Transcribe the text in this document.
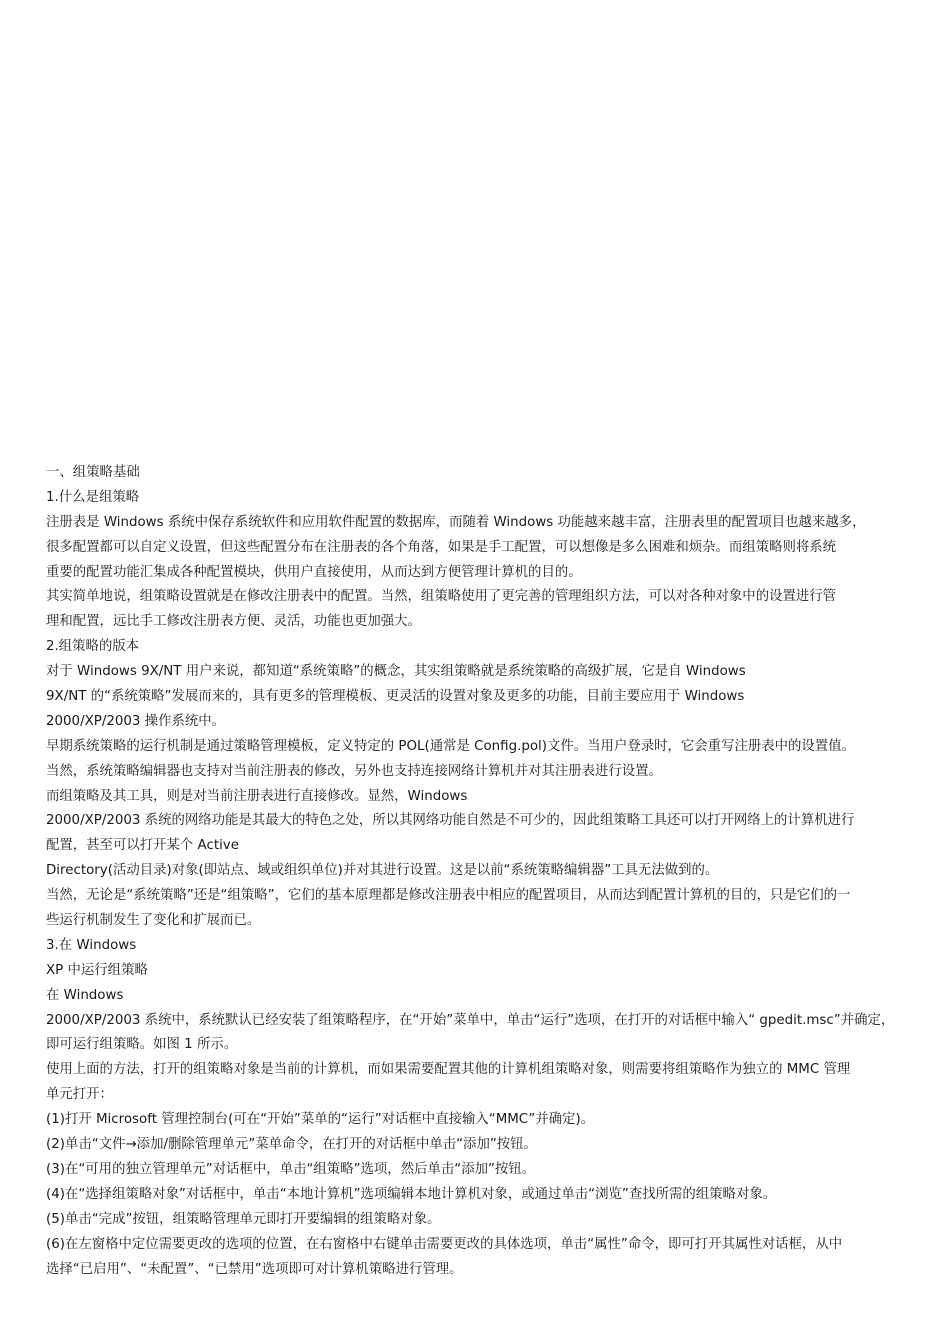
一、组策略基础
1.什么是组策略
注册表是 Windows 系统中保存系统软件和应用软件配置的数据库，而随着 Windows 功能越来越丰富，注册表里的配置项目也越来越多，
很多配置都可以自定义设置，但这些配置分布在注册表的各个角落，如果是手工配置，可以想像是多么困难和烦杂。而组策略则将系统
重要的配置功能汇集成各种配置模块，供用户直接使用，从而达到方便管理计算机的目的。
其实简单地说，组策略设置就是在修改注册表中的配置。当然，组策略使用了更完善的管理组织方法，可以对各种对象中的设置进行管
理和配置，远比手工修改注册表方便、灵活，功能也更加强大。
2.组策略的版本
对于 Windows 9X/NT 用户来说，都知道“系统策略”的概念，其实组策略就是系统策略的高级扩展，它是自 Windows
9X/NT 的“系统策略”发展而来的，具有更多的管理模板、更灵活的设置对象及更多的功能，目前主要应用于 Windows
2000/XP/2003 操作系统中。
早期系统策略的运行机制是通过策略管理模板，定义特定的 POL(通常是 Config.pol)文件。当用户登录时，它会重写注册表中的设置值。
当然，系统策略编辑器也支持对当前注册表的修改，另外也支持连接网络计算机并对其注册表进行设置。
而组策略及其工具，则是对当前注册表进行直接修改。显然，Windows
2000/XP/2003 系统的网络功能是其最大的特色之处，所以其网络功能自然是不可少的，因此组策略工具还可以打开网络上的计算机进行
配置，甚至可以打开某个 Active
Directory(活动目录)对象(即站点、域或组织单位)并对其进行设置。这是以前“系统策略编辑器”工具无法做到的。
当然，无论是“系统策略”还是“组策略”，它们的基本原理都是修改注册表中相应的配置项目，从而达到配置计算机的目的，只是它们的一
些运行机制发生了变化和扩展而已。
3.在 Windows
XP 中运行组策略
在 Windows
2000/XP/2003 系统中，系统默认已经安装了组策略程序，在“开始”菜单中，单击“运行”选项，在打开的对话框中输入“ gpedit.msc”并确定，
即可运行组策略。如图 1 所示。
使用上面的方法，打开的组策略对象是当前的计算机，而如果需要配置其他的计算机组策略对象，则需要将组策略作为独立的 MMC 管理
单元打开：
(1)打开 Microsoft 管理控制台(可在“开始”菜单的“运行”对话框中直接输入“MMC”并确定)。
(2)单击“文件→添加/删除管理单元”菜单命令，在打开的对话框中单击“添加”按钮。
(3)在“可用的独立管理单元”对话框中，单击“组策略”选项，然后单击“添加”按钮。
(4)在“选择组策略对象”对话框中，单击“本地计算机”选项编辑本地计算机对象，或通过单击“浏览”查找所需的组策略对象。
(5)单击“完成”按钮，组策略管理单元即打开要编辑的组策略对象。
(6)在左窗格中定位需要更改的选项的位置，在右窗格中右键单击需要更改的具体选项，单击“属性”命令，即可打开其属性对话框，从中
选择“已启用”、“未配置”、“已禁用”选项即可对计算机策略进行管理。
